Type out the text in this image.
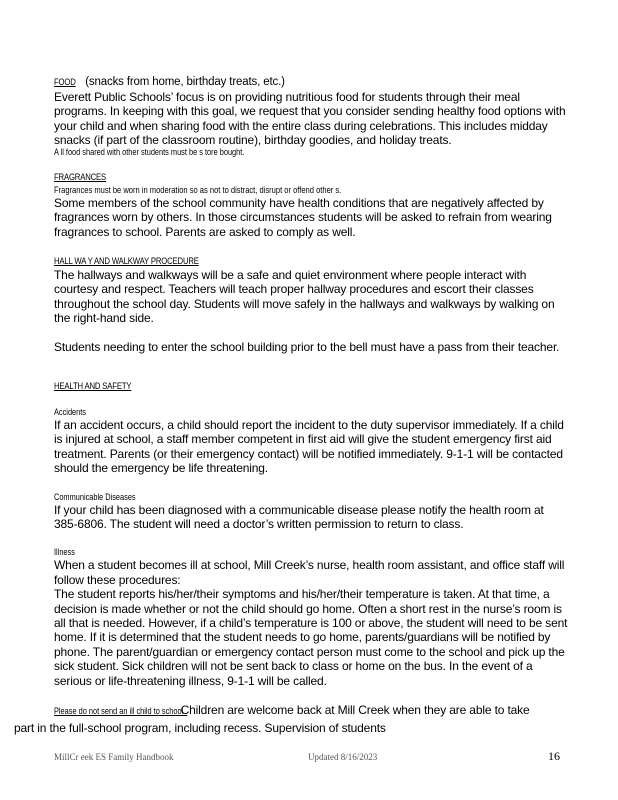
FOOD (snacks from home, birthday treats, etc.)

Everett Public Schools’ focus is on providing nutritious food for students through their meal programs. In keeping with this goal, we request that you consider sending healthy food options with your child and when sharing food with the entire class during celebrations. This includes midday snacks (if part of the classroom routine), birthday goodies, and holiday treats.

A ll food shared with other students must be s tore bought.
FRAGRANCES
Fragrances must be worn in moderation so as not to distract, disrupt or offend other s.

Some members of the school community have health conditions that are negatively affected by fragrances worn by others. In those circumstances students will be asked to refrain from wearing fragrances to school. Parents are asked to comply as well.

HALL WA Y AND WALKWAY PROCEDURE

The hallways and walkways will be a safe and quiet environment where people interact with courtesy and respect. Teachers will teach proper hallway procedures and escort their classes throughout the school day. Students will move safely in the hallways and walkways by walking on the right-hand side.

Students needing to enter the school building prior to the bell must have a pass from their teacher.

HEALTH AND SAFETY
Accidents

If an accident occurs, a child should report the incident to the duty supervisor immediately. If a child is injured at school, a staff member competent in first aid will give the student emergency first aid treatment. Parents (or their emergency contact) will be notified immediately. 9-1-1 will be contacted should the emergency be life threatening.

Communicable Diseases

If your child has been diagnosed with a communicable disease please notify the health room at 385-6806. The student will need a doctor’s written permission to return to class.

Illness

When a student becomes ill at school, Mill Creek’s nurse, health room assistant, and office staff will follow these procedures:

The student reports his/her/their symptoms and his/her/their temperature is taken. At that time, a decision is made whether or not the child should go home. Often a short rest in the nurse’s room is all that is needed. However, if a child’s temperature is 100 or above, the student will need to be sent home. If it is determined that the student needs to go home, parents/guardians will be notified by phone. The parent/guardian or emergency contact person must come to the school and pick up the sick student. Sick children will not be sent back to class or home on the bus. In the event of a serious or life-threatening illness, 9-1-1 will be called.

Please do not send an ill child to school . Children are welcome back at Mill Creek when they are able to take part in the full-school program, including recess. Supervision of students
MillCr eek ES Family Handbook	Updated 8/16/2023	16
